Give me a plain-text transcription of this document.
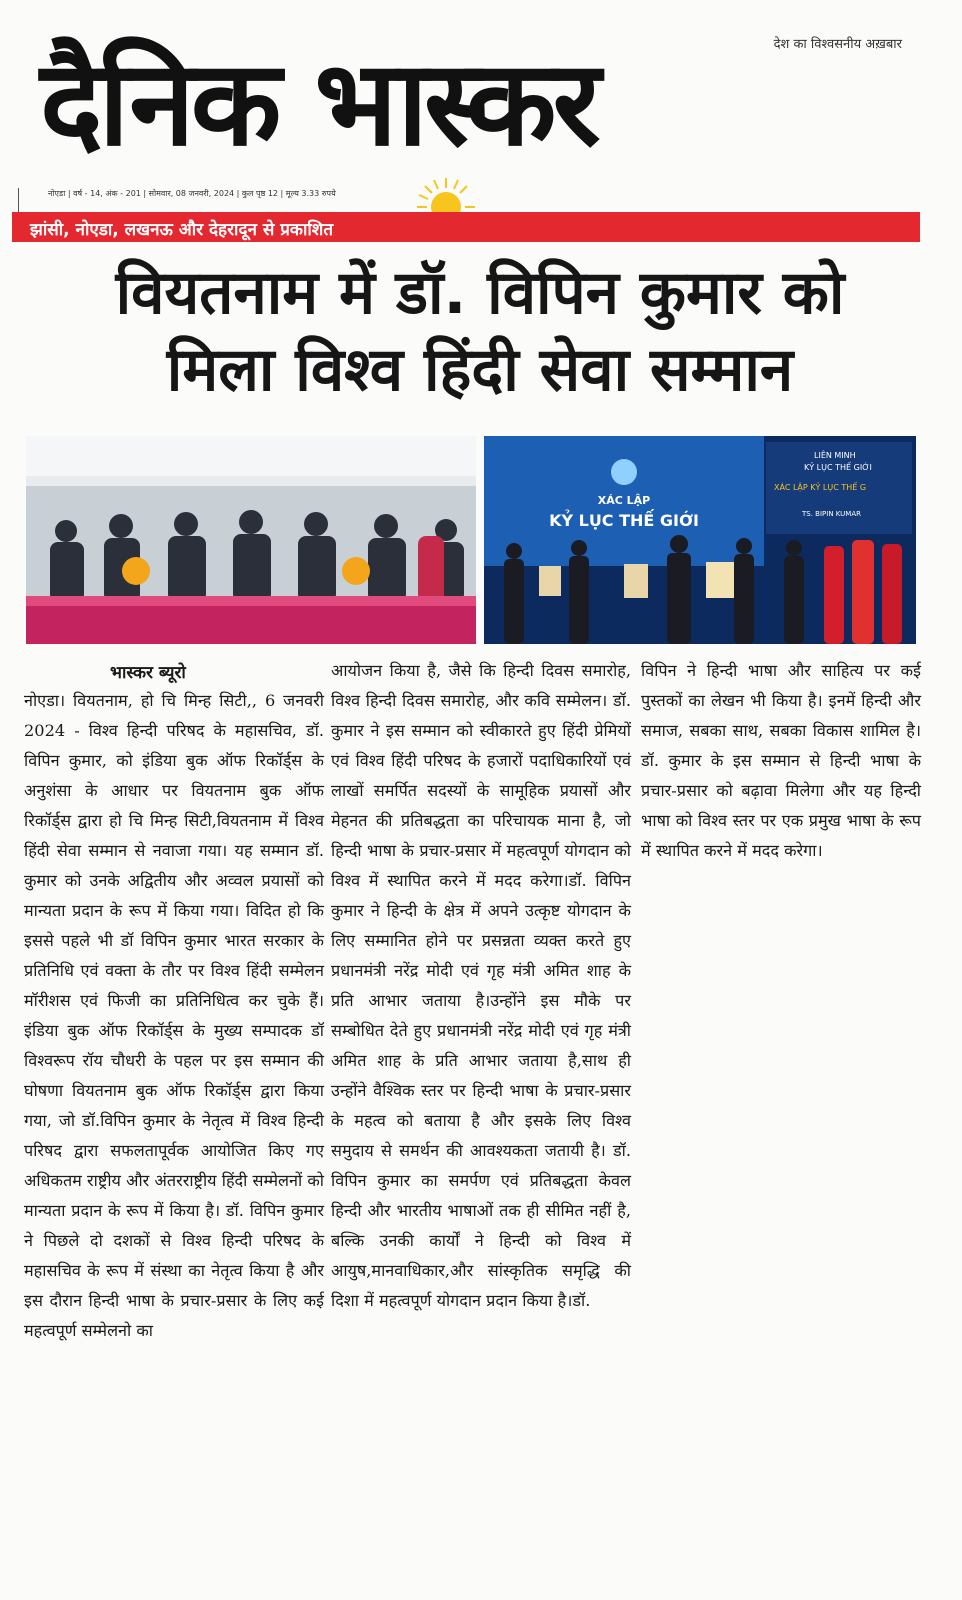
दैनिक भास्कर	देश का विश्वसनीय अख़बार
नोएडा | वर्ष - 14, अंक - 201 | सोमवार, 08 जनवरी, 2024 | कुल पृष्ठ 12 | मूल्य 3.33 रुपये
झांसी, नोएडा, लखनऊ और देहरादून से प्रकाशित
वियतनाम में डॉ. विपिन कुमार को
मिला विश्व हिंदी सेवा सम्मान
XÁC LẬP
KỶ LỤC THẾ GIỚI
LIÊN MINH
KỶ LỤC THẾ GIỚI
XÁC LẬP KỶ LỤC THẾ G
TS. BIPIN KUMAR
भास्कर ब्यूरो
नोएडा। वियतनाम, हो चि मिन्ह सिटी,, 6 जनवरी 2024 - विश्व हिन्दी परिषद के महासचिव, डॉ. विपिन कुमार, को इंडिया बुक ऑफ रिकॉर्ड्स के अनुशंसा के आधार पर वियतनाम बुक ऑफ रिकॉर्ड्स द्वारा हो चि मिन्ह सिटी,वियतनाम में विश्व हिंदी सेवा सम्मान से नवाजा गया। यह सम्मान डॉ. कुमार को उनके अद्वितीय और अव्वल प्रयासों को मान्यता प्रदान के रूप में किया गया। विदित हो कि इससे पहले भी डॉ विपिन कुमार भारत सरकार के प्रतिनिधि एवं वक्ता के तौर पर विश्व हिंदी सम्मेलन मॉरीशस एवं फिजी का प्रतिनिधित्व कर चुके हैं। इंडिया बुक ऑफ रिकॉर्ड्स के मुख्य सम्पादक डॉ विश्वरूप रॉय चौधरी के पहल पर इस सम्मान की घोषणा वियतनाम बुक ऑफ रिकॉर्ड्स द्वारा किया गया, जो डॉ.विपिन कुमार के नेतृत्व में विश्व हिन्दी परिषद द्वारा सफलतापूर्वक आयोजित किए गए अधिकतम राष्ट्रीय और अंतरराष्ट्रीय हिंदी सम्मेलनों को मान्यता प्रदान के रूप में किया है। डॉ. विपिन कुमार ने पिछले दो दशकों से विश्व हिन्दी परिषद के महासचिव के रूप में संस्था का नेतृत्व किया है और इस दौरान हिन्दी भाषा के प्रचार-प्रसार के लिए कई महत्वपूर्ण सम्मेलनो का
आयोजन किया है, जैसे कि हिन्दी दिवस समारोह, विश्व हिन्दी दिवस समारोह, और कवि सम्मेलन। डॉ. कुमार ने इस सम्मान को स्वीकारते हुए हिंदी प्रेमियों एवं विश्व हिंदी परिषद के हजारों पदाधिकारियों एवं लाखों समर्पित सदस्यों के सामूहिक प्रयासों और मेहनत की प्रतिबद्धता का परिचायक माना है, जो हिन्दी भाषा के प्रचार-प्रसार में महत्वपूर्ण योगदान को विश्व में स्थापित करने में मदद करेगा।डॉ. विपिन कुमार ने हिन्दी के क्षेत्र में अपने उत्कृष्ट योगदान के लिए सम्मानित होने पर प्रसन्नता व्यक्त करते हुए प्रधानमंत्री नरेंद्र मोदी एवं गृह मंत्री अमित शाह के प्रति आभार जताया है।उन्होंने इस मौके पर सम्बोधित देते हुए प्रधानमंत्री नरेंद्र मोदी एवं गृह मंत्री अमित शाह के प्रति आभार जताया है,साथ ही उन्होंने वैश्विक स्तर पर हिन्दी भाषा के प्रचार-प्रसार के महत्व को बताया है और इसके लिए विश्व समुदाय से समर्थन की आवश्यकता जतायी है। डॉ. विपिन कुमार का समर्पण एवं प्रतिबद्धता केवल हिन्दी और भारतीय भाषाओं तक ही सीमित नहीं है, बल्कि उनकी कार्यों ने हिन्दी को विश्व में आयुष,मानवाधिकार,और सांस्कृतिक समृद्धि की दिशा में महत्वपूर्ण योगदान प्रदान किया है।डॉ.
विपिन ने हिन्दी भाषा और साहित्य पर कई पुस्तकों का लेखन भी किया है। इनमें हिन्दी और समाज, सबका साथ, सबका विकास शामिल है।डॉ. कुमार के इस सम्मान से हिन्दी भाषा के प्रचार-प्रसार को बढ़ावा मिलेगा और यह हिन्दी भाषा को विश्व स्तर पर एक प्रमुख भाषा के रूप में स्थापित करने में मदद करेगा।
